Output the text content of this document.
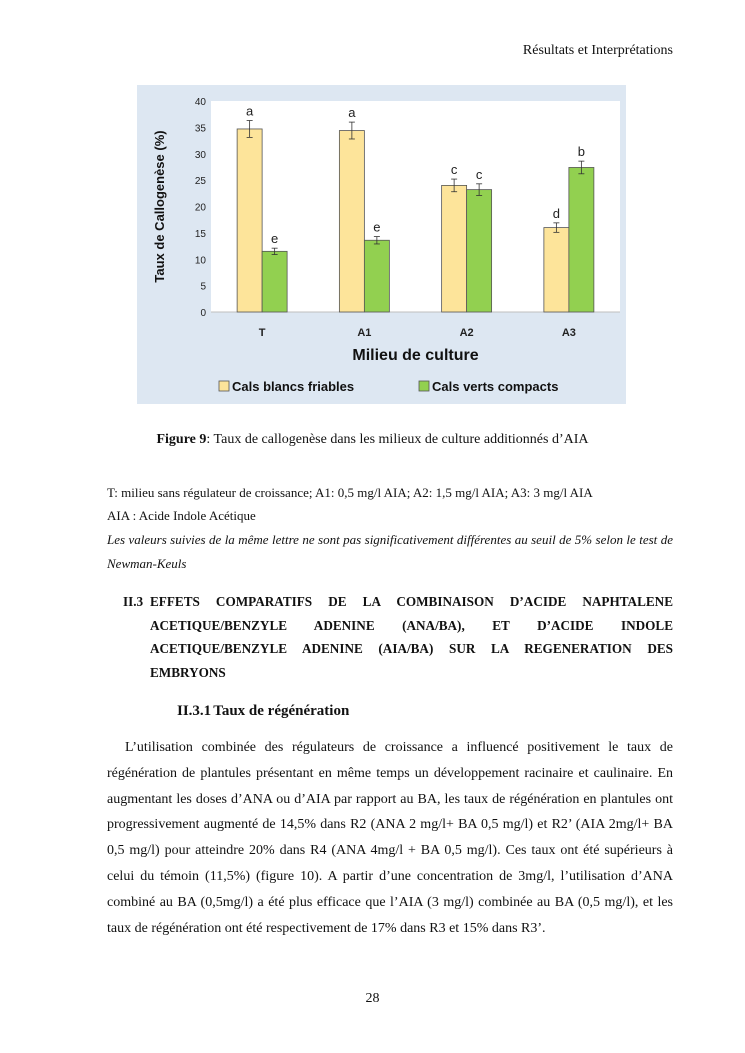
Résultats et Interprétations
0
5
10
15
20
25
30
35
40
a
e
T
a
e
A1
c c
A2
d
b
A3
Milieu de culture
Taux de Callogenèse (%)
Cals blancs friables	Cals verts compacts
Figure 9: Taux de callogenèse dans les milieux de culture additionnés d’AIA
T: milieu sans régulateur de croissance; A1: 0,5 mg/l AIA; A2: 1,5 mg/l AIA; A3: 3 mg/l AIA
AIA : Acide Indole Acétique
Les valeurs suivies de la même lettre ne sont pas significativement différentes au seuil de 5% selon le test de Newman-Keuls
II.3 EFFETS COMPARATIFS DE LA COMBINAISON D’ACIDE NAPHTALENE ACETIQUE/BENZYLE ADENINE (ANA/BA), ET D’ACIDE INDOLE ACETIQUE/BENZYLE ADENINE (AIA/BA) SUR LA REGENERATION DES EMBRYONS
II.3.1 Taux de régénération
L’utilisation combinée des régulateurs de croissance a influencé positivement le taux de régénération de plantules présentant en même temps un développement racinaire et caulinaire. En augmentant les doses d’ANA ou d’AIA par rapport au BA, les taux de régénération en plantules ont progressivement augmenté de 14,5% dans R2 (ANA 2 mg/l+ BA 0,5 mg/l) et R2’ (AIA 2mg/l+ BA 0,5 mg/l) pour atteindre 20% dans R4 (ANA 4mg/l + BA 0,5 mg/l). Ces taux ont été supérieurs à celui du témoin (11,5%) (figure 10). A partir d’une concentration de 3mg/l, l’utilisation d’ANA combiné au BA (0,5mg/l) a été plus efficace que l’AIA (3 mg/l) combinée au BA (0,5 mg/l), et les taux de régénération ont été respectivement de 17% dans R3 et 15% dans R3’.
28
